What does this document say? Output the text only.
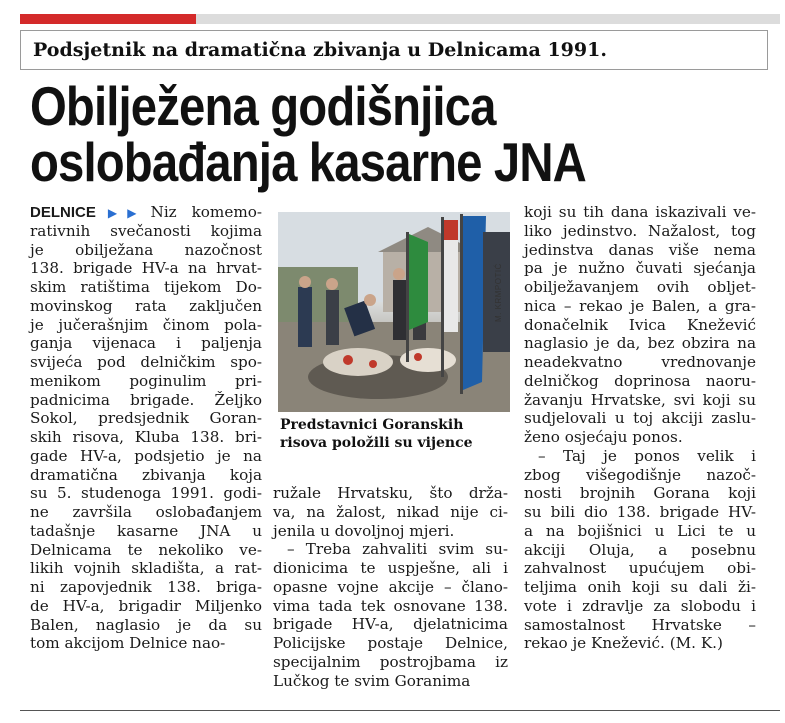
Podsjetnik na dramatična zbivanja u Delnicama 1991.
Obilježena godišnjica
oslobađanja kasarne JNA
DELNICE ▶▶ Niz komemo-
rativnih svečanosti kojima
je obilježana nazočnost
138. brigade HV-a na hrvat-
skim ratištima tijekom Do-
movinskog rata zaključen
je jučerašnjim činom pola-
ganja vijenaca i paljenja
svijeća pod delničkim spo-
menikom poginulim pri-
padnicima brigade. Željko
Sokol, predsjednik Goran-
skih risova, Kluba 138. bri-
gade HV-a, podsjetio je na
dramatična zbivanja koja
su 5. studenoga 1991. godi-
ne završila oslobađanjem
tadašnje kasarne JNA u
Delnicama te nekoliko ve-
likih vojnih skladišta, a rat-
ni zapovjednik 138. briga-
de HV-a, brigadir Miljenko
Balen, naglasio je da su
tom akcijom Delnice nao-
M. KRMPOTIĆ
Predstavnici Goranskih
risova položili su vijence
ružale Hrvatsku, što drža-
va, na žalost, nikad nije ci-
jenila u dovoljnoj mjeri.
– Treba zahvaliti svim su-
dionicima te uspješne, ali i
opasne vojne akcije – člano-
vima tada tek osnovane 138.
brigade HV-a, djelatnicima
Policijske postaje Delnice,
specijalnim postrojbama iz
Lučkog te svim Goranima
koji su tih dana iskazivali ve-
liko jedinstvo. Nažalost, tog
jedinstva danas više nema
pa je nužno čuvati sjećanja
obilježavanjem ovih oblјet-
nica – rekao je Balen, a gra-
donačelnik Ivica Knežević
naglasio je da, bez obzira na
neadekvatno vrednovanje
delničkog doprinosa naoru-
žavanju Hrvatske, svi koji su
sudjelovali u toj akciji zaslu-
ženo osjećaju ponos.
– Taj je ponos velik i
zbog višegodišnje nazoč-
nosti brojnih Gorana koji
su bili dio 138. brigade HV-
a na bojišnici u Lici te u
akciji Oluja, a posebnu
zahvalnost upućujem obi-
teljima onih koji su dali ži-
vote i zdravlje za slobodu i
samostalnost Hrvatske –
rekao je Knežević. (M. K.)
